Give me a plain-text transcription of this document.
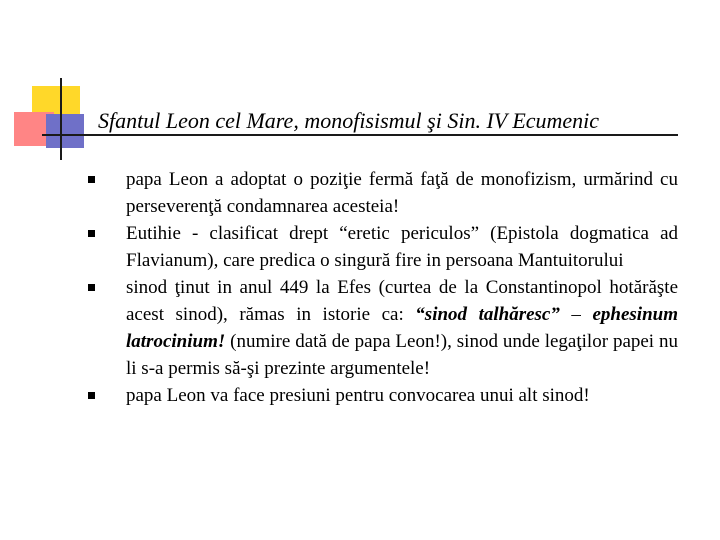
Sfantul Leon cel Mare, monofisismul şi Sin. IV Ecumenic
papa Leon a adoptat o poziţie fermă faţă de monofizism, urmărind cu perseverenţă condamnarea acesteia!
Eutihie - clasificat drept “eretic periculos” (Epistola dogmatica ad Flavianum), care predica o singură fire in persoana Mantuitorului
sinod ţinut in anul 449 la Efes (curtea de la Constantinopol hotărăşte acest sinod), rămas in istorie ca: “sinod talhăresc” – ephesinum latrocinium! (numire dată de papa Leon!), sinod unde legaţilor papei nu li s-a permis să-şi prezinte argumentele!
papa Leon va face presiuni pentru convocarea unui alt sinod!
